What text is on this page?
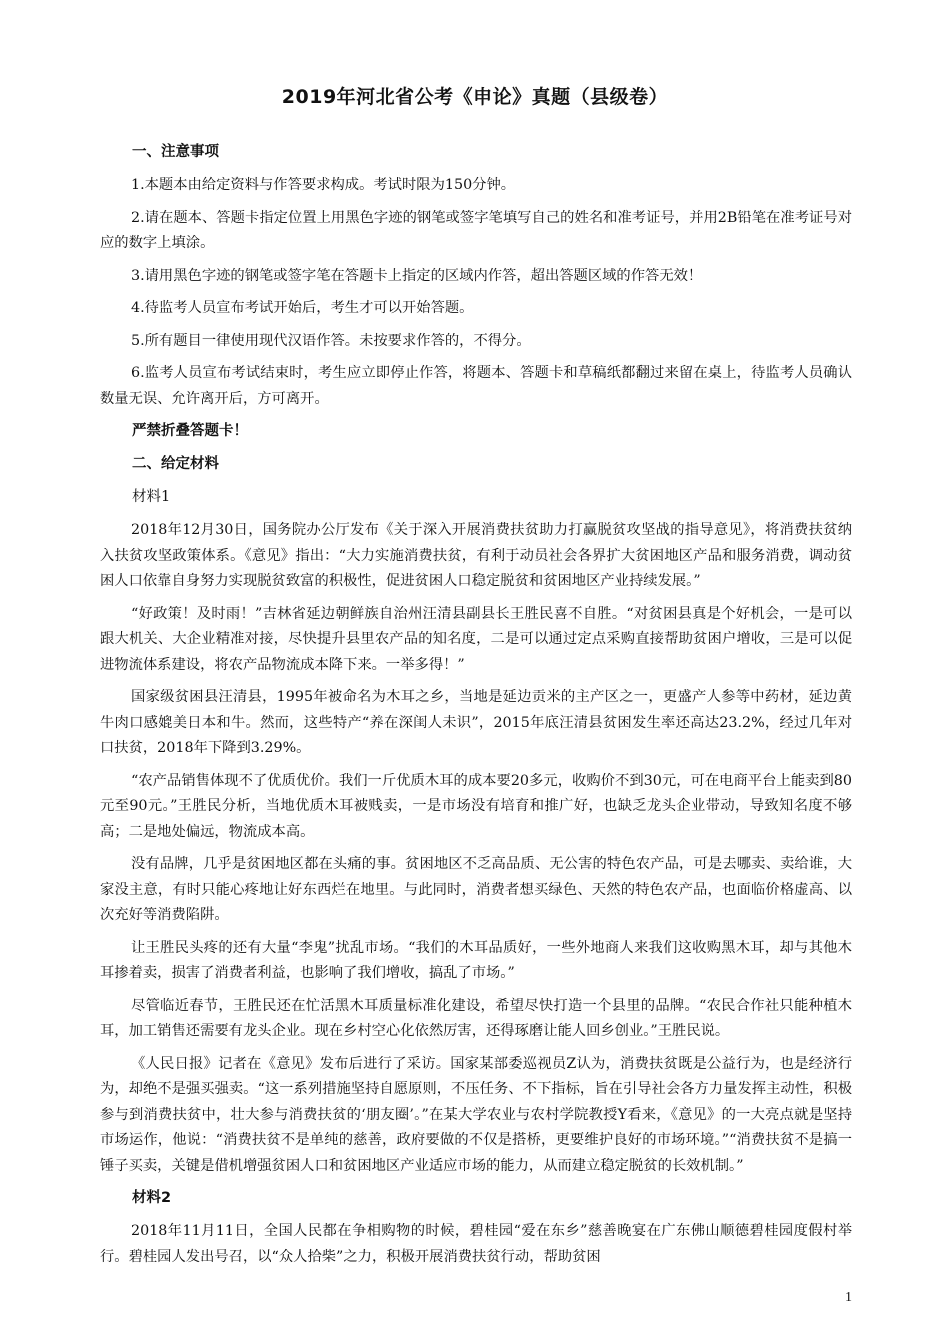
2019年河北省公考《申论》真题（县级卷）
一、注意事项

1.本题本由给定资料与作答要求构成。考试时限为150分钟。

2.请在题本、答题卡指定位置上用黑色字迹的钢笔或签字笔填写自己的姓名和准考证号，并用2B铅笔在准考证号对应的数字上填涂。

3.请用黑色字迹的钢笔或签字笔在答题卡上指定的区域内作答，超出答题区域的作答无效！

4.待监考人员宣布考试开始后，考生才可以开始答题。

5.所有题目一律使用现代汉语作答。未按要求作答的，不得分。

6.监考人员宣布考试结束时，考生应立即停止作答，将题本、答题卡和草稿纸都翻过来留在桌上，待监考人员确认数量无误、允许离开后，方可离开。

严禁折叠答题卡！
二、给定材料
材料1

2018年12月30日，国务院办公厅发布《关于深入开展消费扶贫助力打赢脱贫攻坚战的指导意见》，将消费扶贫纳入扶贫攻坚政策体系。《意见》指出：“大力实施消费扶贫，有利于动员社会各界扩大贫困地区产品和服务消费，调动贫困人口依靠自身努力实现脱贫致富的积极性，促进贫困人口稳定脱贫和贫困地区产业持续发展。”

“好政策！及时雨！”吉林省延边朝鲜族自治州汪清县副县长王胜民喜不自胜。“对贫困县真是个好机会，一是可以跟大机关、大企业精准对接，尽快提升县里农产品的知名度，二是可以通过定点采购直接帮助贫困户增收，三是可以促进物流体系建设，将农产品物流成本降下来。一举多得！”

国家级贫困县汪清县，1995年被命名为木耳之乡，当地是延边贡米的主产区之一，更盛产人参等中药材，延边黄牛肉口感媲美日本和牛。然而，这些特产“养在深闺人未识”，2015年底汪清县贫困发生率还高达23.2%，经过几年对口扶贫，2018年下降到3.29%。

“农产品销售体现不了优质优价。我们一斤优质木耳的成本要20多元，收购价不到30元，可在电商平台上能卖到80元至90元。”王胜民分析，当地优质木耳被贱卖，一是市场没有培育和推广好，也缺乏龙头企业带动，导致知名度不够高；二是地处偏远，物流成本高。

没有品牌，几乎是贫困地区都在头痛的事。贫困地区不乏高品质、无公害的特色农产品，可是去哪卖、卖给谁，大家没主意，有时只能心疼地让好东西烂在地里。与此同时，消费者想买绿色、天然的特色农产品，也面临价格虚高、以次充好等消费陷阱。

让王胜民头疼的还有大量“李鬼”扰乱市场。“我们的木耳品质好，一些外地商人来我们这收购黑木耳，却与其他木耳掺着卖，损害了消费者利益，也影响了我们增收，搞乱了市场。”

尽管临近春节，王胜民还在忙活黑木耳质量标准化建设，希望尽快打造一个县里的品牌。“农民合作社只能种植木耳，加工销售还需要有龙头企业。现在乡村空心化依然厉害，还得琢磨让能人回乡创业。”王胜民说。

《人民日报》记者在《意见》发布后进行了采访。国家某部委巡视员Z认为，消费扶贫既是公益行为，也是经济行为，却绝不是强买强卖。“这一系列措施坚持自愿原则，不压任务、不下指标，旨在引导社会各方力量发挥主动性，积极参与到消费扶贫中，壮大参与消费扶贫的‘朋友圈’。”在某大学农业与农村学院教授Y看来，《意见》的一大亮点就是坚持市场运作，他说：“消费扶贫不是单纯的慈善，政府要做的不仅是搭桥，更要维护良好的市场环境。”“消费扶贫不是搞一锤子买卖，关键是借机增强贫困人口和贫困地区产业适应市场的能力，从而建立稳定脱贫的长效机制。”

材料2

2018年11月11日，全国人民都在争相购物的时候，碧桂园“爱在东乡”慈善晚宴在广东佛山顺德碧桂园度假村举行。碧桂园人发出号召，以“众人拾柴”之力，积极开展消费扶贫行动，帮助贫困

1
